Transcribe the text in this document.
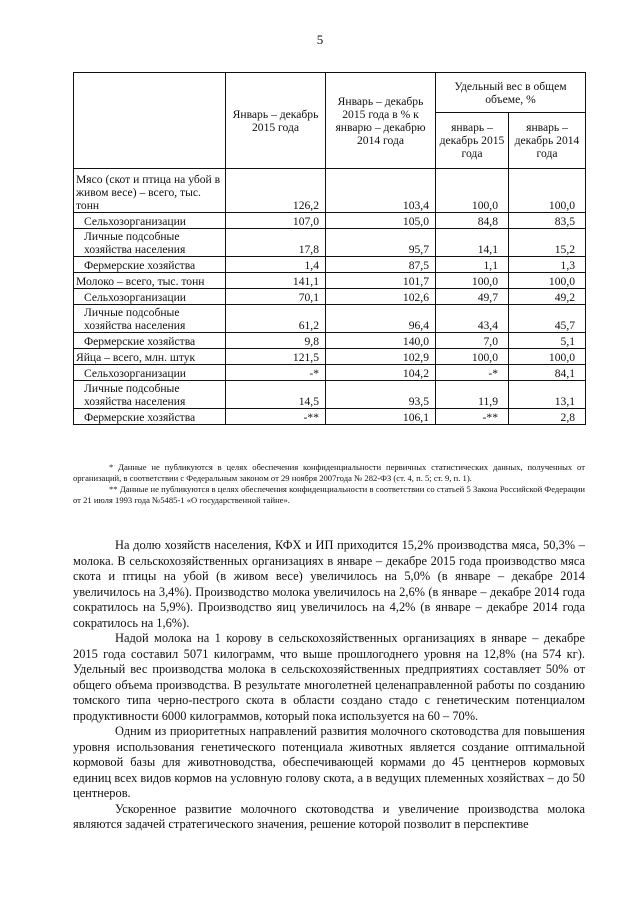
5
	Январь – декабрь 2015 года	Январь – декабрь 2015 года в % к январю – декабрю 2014 года	Удельный вес в общем объеме, %	
			январь – декабрь 2015 года	январь – декабрь 2014 года
Мясо (скот и птица на убой в живом весе) – всего, тыс. тонн	126,2	103,4	100,0	100,0
Сельхозорганизации	107,0	105,0	84,8	83,5
Личные подсобные хозяйства населения	17,8	95,7	14,1	15,2
Фермерские хозяйства	1,4	87,5	1,1	1,3
Молоко – всего, тыс. тонн	141,1	101,7	100,0	100,0
Сельхозорганизации	70,1	102,6	49,7	49,2
Личные подсобные хозяйства населения	61,2	96,4	43,4	45,7
Фермерские хозяйства	9,8	140,0	7,0	5,1
Яйца – всего, млн. штук	121,5	102,9	100,0	100,0
Сельхозорганизации	-*	104,2	-*	84,1
Личные подсобные хозяйства населения	14,5	93,5	11,9	13,1
Фермерские хозяйства	-**	106,1	-**	2,8

* Данные не публикуются в целях обеспечения конфиденциальности первичных статистических данных, полученных от организаций, в соответствии с Федеральным законом от 29 ноября 2007года № 282-ФЗ (ст. 4, п. 5; ст. 9, п. 1).

** Данные не публикуются в целях обеспечения конфиденциальности в соответствии со статьей 5 Закона Российской Федерации от 21 июля 1993 года №5485-1 «О государственной тайне».

На долю хозяйств населения, КФХ и ИП приходится 15,2% производства мяса, 50,3% – молока. В сельскохозяйственных организациях в январе – декабре 2015 года производство мяса скота и птицы на убой (в живом весе) увеличилось на 5,0% (в январе – декабре 2014 увеличилось на 3,4%). Производство молока увеличилось на 2,6% (в январе – декабре 2014 года сократилось на 5,9%). Производство яиц увеличилось на 4,2% (в январе – декабре 2014 года сократилось на 1,6%).

Надой молока на 1 корову в сельскохозяйственных организациях в январе – декабре 2015 года составил 5071 килограмм, что выше прошлогоднего уровня на 12,8% (на 574 кг). Удельный вес производства молока в сельскохозяйственных предприятиях составляет 50% от общего объема производства. В результате многолетней целенаправленной работы по созданию томского типа черно-пестрого скота в области создано стадо с генетическим потенциалом продуктивности 6000 килограммов, который пока используется на 60 – 70%.

Одним из приоритетных направлений развития молочного скотоводства для повышения уровня использования генетического потенциала животных является создание оптимальной кормовой базы для животноводства, обеспечивающей кормами до 45 центнеров кормовых единиц всех видов кормов на условную голову скота, а в ведущих племенных хозяйствах – до 50 центнеров.

Ускоренное развитие молочного скотоводства и увеличение производства молока являются задачей стратегического значения, решение которой позволит в перспективе
